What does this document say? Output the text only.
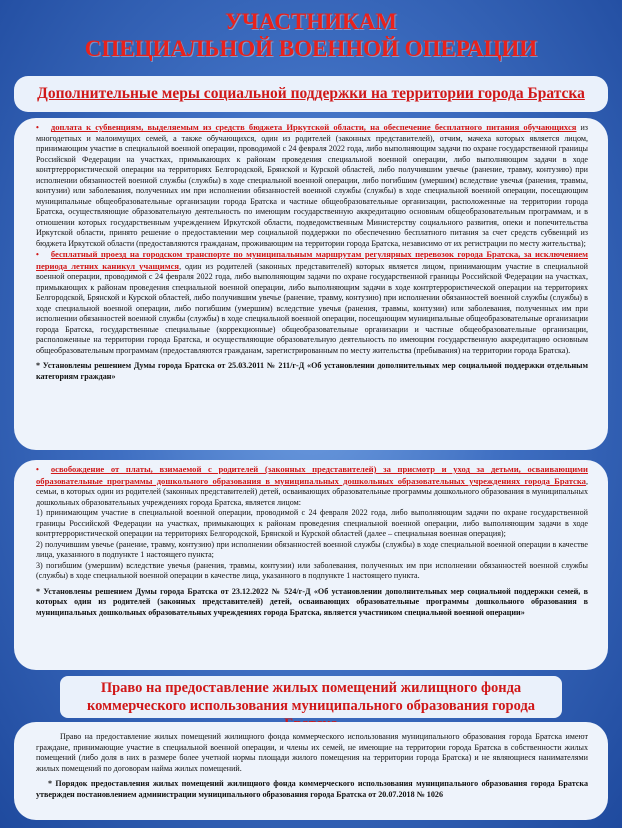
УЧАСТНИКАМ
СПЕЦИАЛЬНОЙ ВОЕННОЙ ОПЕРАЦИИ
Дополнительные меры социальной поддержки на территории города Братска

• доплата к субвенциям, выделяемым из средств бюджета Иркутской области, на обеспечение бесплатного питания обучающихся из многодетных и малоимущих семей, а также обучающихся, один из родителей (законных представителей), отчим, мачеха которых является лицом, принимающим участие в специальной военной операции, проводимой с 24 февраля 2022 года, либо выполняющим задачи по охране государственной границы Российской Федерации на участках, примыкающих к районам проведения специальной военной операции, либо выполняющим задачи в ходе контртеррористической операции на территориях Белгородской, Брянской и Курской областей, либо получившим увечье (ранение, травму, контузию) при исполнении обязанностей военной службы (службы) в ходе специальной военной операции, либо погибшим (умершим) вследствие увечья (ранения, травмы, контузии) или заболевания, полученных им при исполнении обязанностей военной службы (службы) в ходе специальной военной операции, посещающим муниципальные общеобразовательные организации города Братска и частные общеобразовательные организации, расположенные на территории города Братска, осуществляющие образовательную деятельность по имеющим государственную аккредитацию основным общеобразовательным программам, и в отношении которых государственным учреждением Иркутской области, подведомственным Министерству социального развития, опеки и попечительства Иркутской области, принято решение о предоставлении мер социальной поддержки по обеспечению бесплатного питания за счет средств субвенций из бюджета Иркутской области (предоставляются гражданам, проживающим на территории города Братска, независимо от их регистрации по месту жительства);

• бесплатный проезд на городском транспорте по муниципальным маршрутам регулярных перевозок города Братска, за исключением периода летних каникул учащимся, один из родителей (законных представителей) которых является лицом, принимающим участие в специальной военной операции, проводимой с 24 февраля 2022 года, либо выполняющим задачи по охране государственной границы Российской Федерации на участках, примыкающих к районам проведения специальной военной операции, либо выполняющим задачи в ходе контртеррористической операции на территориях Белгородской, Брянской и Курской областей, либо получившим увечье (ранение, травму, контузию) при исполнении обязанностей военной службы (службы) в ходе специальной военной операции, либо погибшим (умершим) вследствие увечья (ранения, травмы, контузии) или заболевания, полученных им при исполнении обязанностей военной службы (службы) в ходе специальной военной операции, посещающим муниципальные общеобразовательные организации города Братска, государственные специальные (коррекционные) общеобразовательные организации и частные общеобразовательные организации, расположенные на территории города Братска, и осуществляющие образовательную деятельность по имеющим государственную аккредитацию основным общеобразовательным программам (предоставляются гражданам, зарегистрированным по месту жительства (пребывания) на территории города Братска).

* Установлены решением Думы города Братска от 25.03.2011 № 211/г-Д «Об установлении дополнительных мер социальной поддержки отдельным категориям граждан»

• освобождение от платы, взимаемой с родителей (законных представителей) за присмотр и уход за детьми, осваивающими образовательные программы дошкольного образования в муниципальных дошкольных образовательных учреждениях города Братска, семьи, в которых один из родителей (законных представителей) детей, осваивающих образовательные программы дошкольного образования в муниципальных дошкольных образовательных учреждениях города Братска, является лицом:

1) принимающим участие в специальной военной операции, проводимой с 24 февраля 2022 года, либо выполняющим задачи по охране государственной границы Российской Федерации на участках, примыкающих к районам проведения специальной военной операции, либо выполняющим задачи в ходе контртеррористической операции на территориях Белгородской, Брянской и Курской областей (далее – специальная военная операция);

2) получившим увечье (ранение, травму, контузию) при исполнении обязанностей военной службы (службы) в ходе специальной военной операции в качестве лица, указанного в подпункте 1 настоящего пункта;

3) погибшим (умершим) вследствие увечья (ранения, травмы, контузии) или заболевания, полученных им при исполнении обязанностей военной службы (службы) в ходе специальной военной операции в качестве лица, указанного в подпункте 1 настоящего пункта.

* Установлены решением Думы города Братска от 23.12.2022 № 524/г-Д «Об установлении дополнительных мер социальной поддержки семей, в которых один из родителей (законных представителей) детей, осваивающих образовательные программы дошкольного образования в муниципальных дошкольных образовательных учреждениях города Братска, является участником специальной военной операции»

Право на предоставление жилых помещений жилищного фонда
коммерческого использования муниципального образования города

Право на предоставление жилых помещений жилищного фонда коммерческого использования муниципального образования города Братска имеют граждане, принимающие участие в специальной военной операции, и члены их семей, не имеющие на территории города Братска в собственности жилых помещений (либо доля в них в размере более учетной нормы площади жилого помещения на территории города Братска) и не являющиеся нанимателями жилых помещений по договорам найма жилых помещений.

* Порядок предоставления жилых помещений жилищного фонда коммерческого использования муниципального образования города Братска утвержден постановлением администрации муниципального образования города Братска от 20.07.2018 № 1026
